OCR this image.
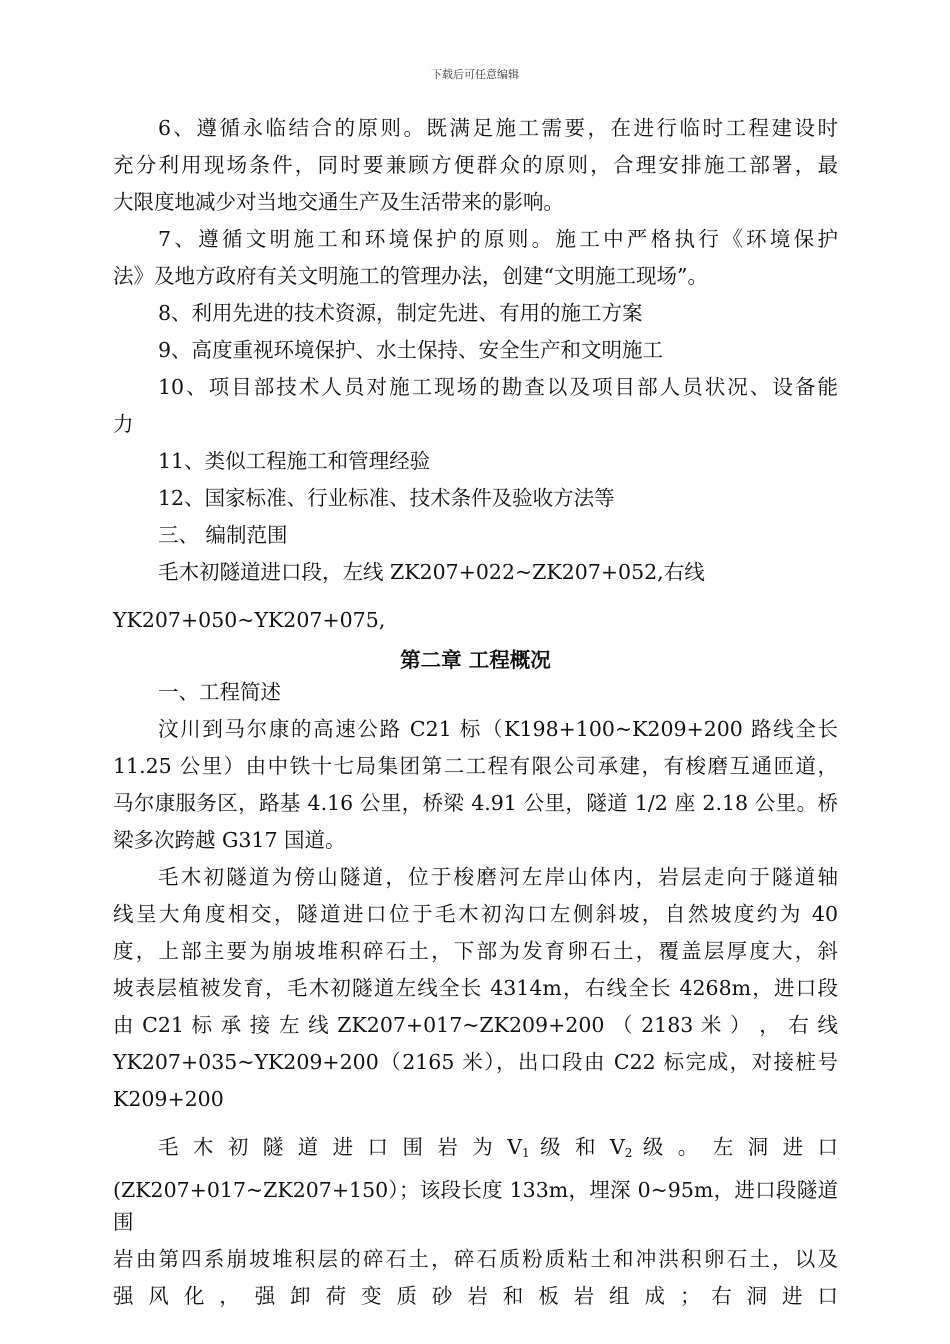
下载后可任意编辑

6、遵循永临结合的原则。既满足施工需要，在进行临时工程建设时

充分利用现场条件，同时要兼顾方便群众的原则，合理安排施工部署，最

大限度地减少对当地交通生产及生活带来的影响。

7、遵循文明施工和环境保护的原则。施工中严格执行《环境保护

法》及地方政府有关文明施工的管理办法，创建“文明施工现场”。

8、利用先进的技术资源，制定先进、有用的施工方案

9、高度重视环境保护、水土保持、安全生产和文明施工

10、项目部技术人员对施工现场的勘查以及项目部人员状况、设备能

力

11、类似工程施工和管理经验

12、国家标准、行业标准、技术条件及验收方法等

三、 编制范围

毛木初隧道进口段，左线 ZK207+022~ZK207+052,右线

YK207+050~YK207+075,

第二章 工程概况

一、工程简述

汶川到马尔康的高速公路 C21 标（K198+100~K209+200 路线全长

11.25 公里）由中铁十七局集团第二工程有限公司承建，有梭磨互通匝道，

马尔康服务区，路基 4.16 公里，桥梁 4.91 公里，隧道 1/2 座 2.18 公里。桥

梁多次跨越 G317 国道。

毛木初隧道为傍山隧道，位于梭磨河左岸山体内，岩层走向于隧道轴

线呈大角度相交，隧道进口位于毛木初沟口左侧斜坡，自然坡度约为 40

度，上部主要为崩坡堆积碎石土，下部为发育卵石土，覆盖层厚度大，斜

坡表层植被发育，毛木初隧道左线全长 4314m，右线全长 4268m，进口段

由 C21 标 承 接 左 线 ZK207+017~ZK209+200 （ 2183 米 ） ， 右 线

YK207+035~YK209+200（2165 米），出口段由 C22 标完成，对接桩号

K209+200

毛 木 初 隧 道 进 口 围 岩 为 $V_1$ 级 和 $V_2$ 级 。 左 洞 进 口

(ZK207+017~ZK207+150）；该段长度 133m，埋深 0~95m，进口段隧道围

岩由第四系崩坡堆积层的碎石土，碎石质粉质粘土和冲洪积卵石土，以及

强 风 化 ， 强 卸 荷 变 质 砂 岩 和 板 岩 组 成 ； 右 洞 进 口
